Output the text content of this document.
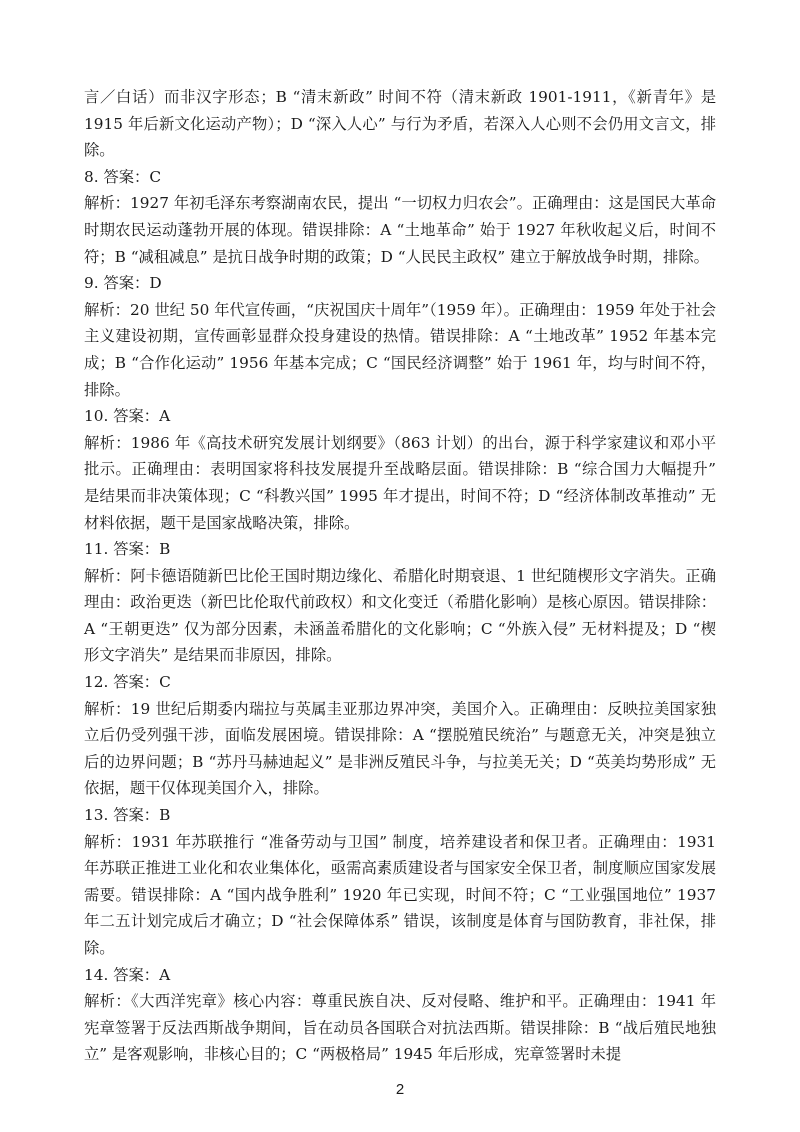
言／白话）而非汉字形态；B “清末新政” 时间不符（清末新政 1901-1911，《新青年》是 1915 年后新文化运动产物）；D “深入人心” 与行为矛盾，若深入人心则不会仍用文言文，排除。

8. 答案：C

解析：1927 年初毛泽东考察湖南农民，提出 “一切权力归农会”。正确理由：这是国民大革命时期农民运动蓬勃开展的体现。错误排除：A “土地革命” 始于 1927 年秋收起义后，时间不符；B “减租减息” 是抗日战争时期的政策；D “人民民主政权” 建立于解放战争时期，排除。

9. 答案：D

解析：20 世纪 50 年代宣传画，“庆祝国庆十周年”（1959 年）。正确理由：1959 年处于社会主义建设初期，宣传画彰显群众投身建设的热情。错误排除：A “土地改革” 1952 年基本完成；B “合作化运动” 1956 年基本完成；C “国民经济调整” 始于 1961 年，均与时间不符，排除。

10. 答案：A

解析：1986 年《高技术研究发展计划纲要》（863 计划）的出台，源于科学家建议和邓小平批示。正确理由：表明国家将科技发展提升至战略层面。错误排除：B “综合国力大幅提升” 是结果而非决策体现；C “科教兴国” 1995 年才提出，时间不符；D “经济体制改革推动” 无材料依据，题干是国家战略决策，排除。

11. 答案：B

解析：阿卡德语随新巴比伦王国时期边缘化、希腊化时期衰退、1 世纪随楔形文字消失。正确理由：政治更迭（新巴比伦取代前政权）和文化变迁（希腊化影响）是核心原因。错误排除：A “王朝更迭” 仅为部分因素，未涵盖希腊化的文化影响；C “外族入侵” 无材料提及；D “楔形文字消失” 是结果而非原因，排除。

12. 答案：C

解析：19 世纪后期委内瑞拉与英属圭亚那边界冲突，美国介入。正确理由：反映拉美国家独立后仍受列强干涉，面临发展困境。错误排除：A “摆脱殖民统治” 与题意无关，冲突是独立后的边界问题；B “苏丹马赫迪起义” 是非洲反殖民斗争，与拉美无关；D “英美均势形成” 无依据，题干仅体现美国介入，排除。

13. 答案：B

解析：1931 年苏联推行 “准备劳动与卫国” 制度，培养建设者和保卫者。正确理由：1931 年苏联正推进工业化和农业集体化，亟需高素质建设者与国家安全保卫者，制度顺应国家发展需要。错误排除：A “国内战争胜利” 1920 年已实现，时间不符；C “工业强国地位” 1937 年二五计划完成后才确立；D “社会保障体系” 错误，该制度是体育与国防教育，非社保，排除。

14. 答案：A

解析：《大西洋宪章》核心内容：尊重民族自决、反对侵略、维护和平。正确理由：1941 年宪章签署于反法西斯战争期间，旨在动员各国联合对抗法西斯。错误排除：B “战后殖民地独立” 是客观影响，非核心目的；C “两极格局” 1945 年后形成，宪章签署时未提

2
